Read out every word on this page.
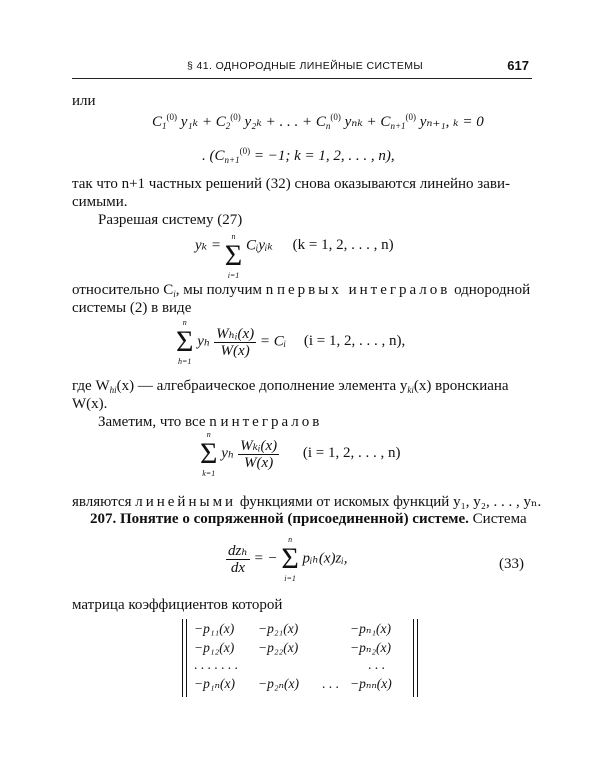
§ 41. ОДНОРОДНЫЕ ЛИНЕЙНЫЕ СИСТЕМЫ	617
или
$C_1^{(0)}$ $y_{1k} + C_2^{(0)}$ y₂ₖ + . . . + $C_n^{(0)}$ $y_{nk} + C_{n+1}^{(0)}$ yₙ₊₁, ₖ = 0
. ($C_{n+1}^{(0)} = -1$; k = 1, 2, . . . , n),
так что n+1 частных решений (32) снова оказываются линейно зави-
симыми.
Разрешая систему (27)
yₖ =
n
Σ
i=1
Cᵢyᵢₖ (k = 1, 2, . . . , n)
относительно $C_i$, мы получим n первых интегралов однородной
системы (2) в виде
n
Σ
h=1
yₕ $\frac{\text{Wₕᵢ(x)}}{W(x)}$ = Cᵢ (i = 1, 2, . . . , n),
где $W_{hi}(x)$ — алгебраическое дополнение элемента $y_{ki}(x)$ вронскиана
W(x).
Заметим, что все n интегралов
n
Σ
k=1
yₕ $\frac{\text{Wₖᵢ(x)}}{W(x)} (i = 1$, 2, . . . , n)
являются линейными функциями от искомых функций y₁, y₂, . . . , yₙ.
207. Понятие о сопряженной (присоединенной) системе. Система
$\frac{\text{dzₕ}}{dx}$ = −
n
Σ
i=1
pᵢₕ(x)zᵢ,	(33)
матрица коэффициентов которой
−p₁₁(x) −p₂₁(x)	−pₙ₁(x)
−p₁₂(x) −p₂₂(x)	−pₙ₂(x)
. . . . . . .	. . .
−p₁ₙ(x) −p₂ₙ(x) . . . −pₙₙ(x)
